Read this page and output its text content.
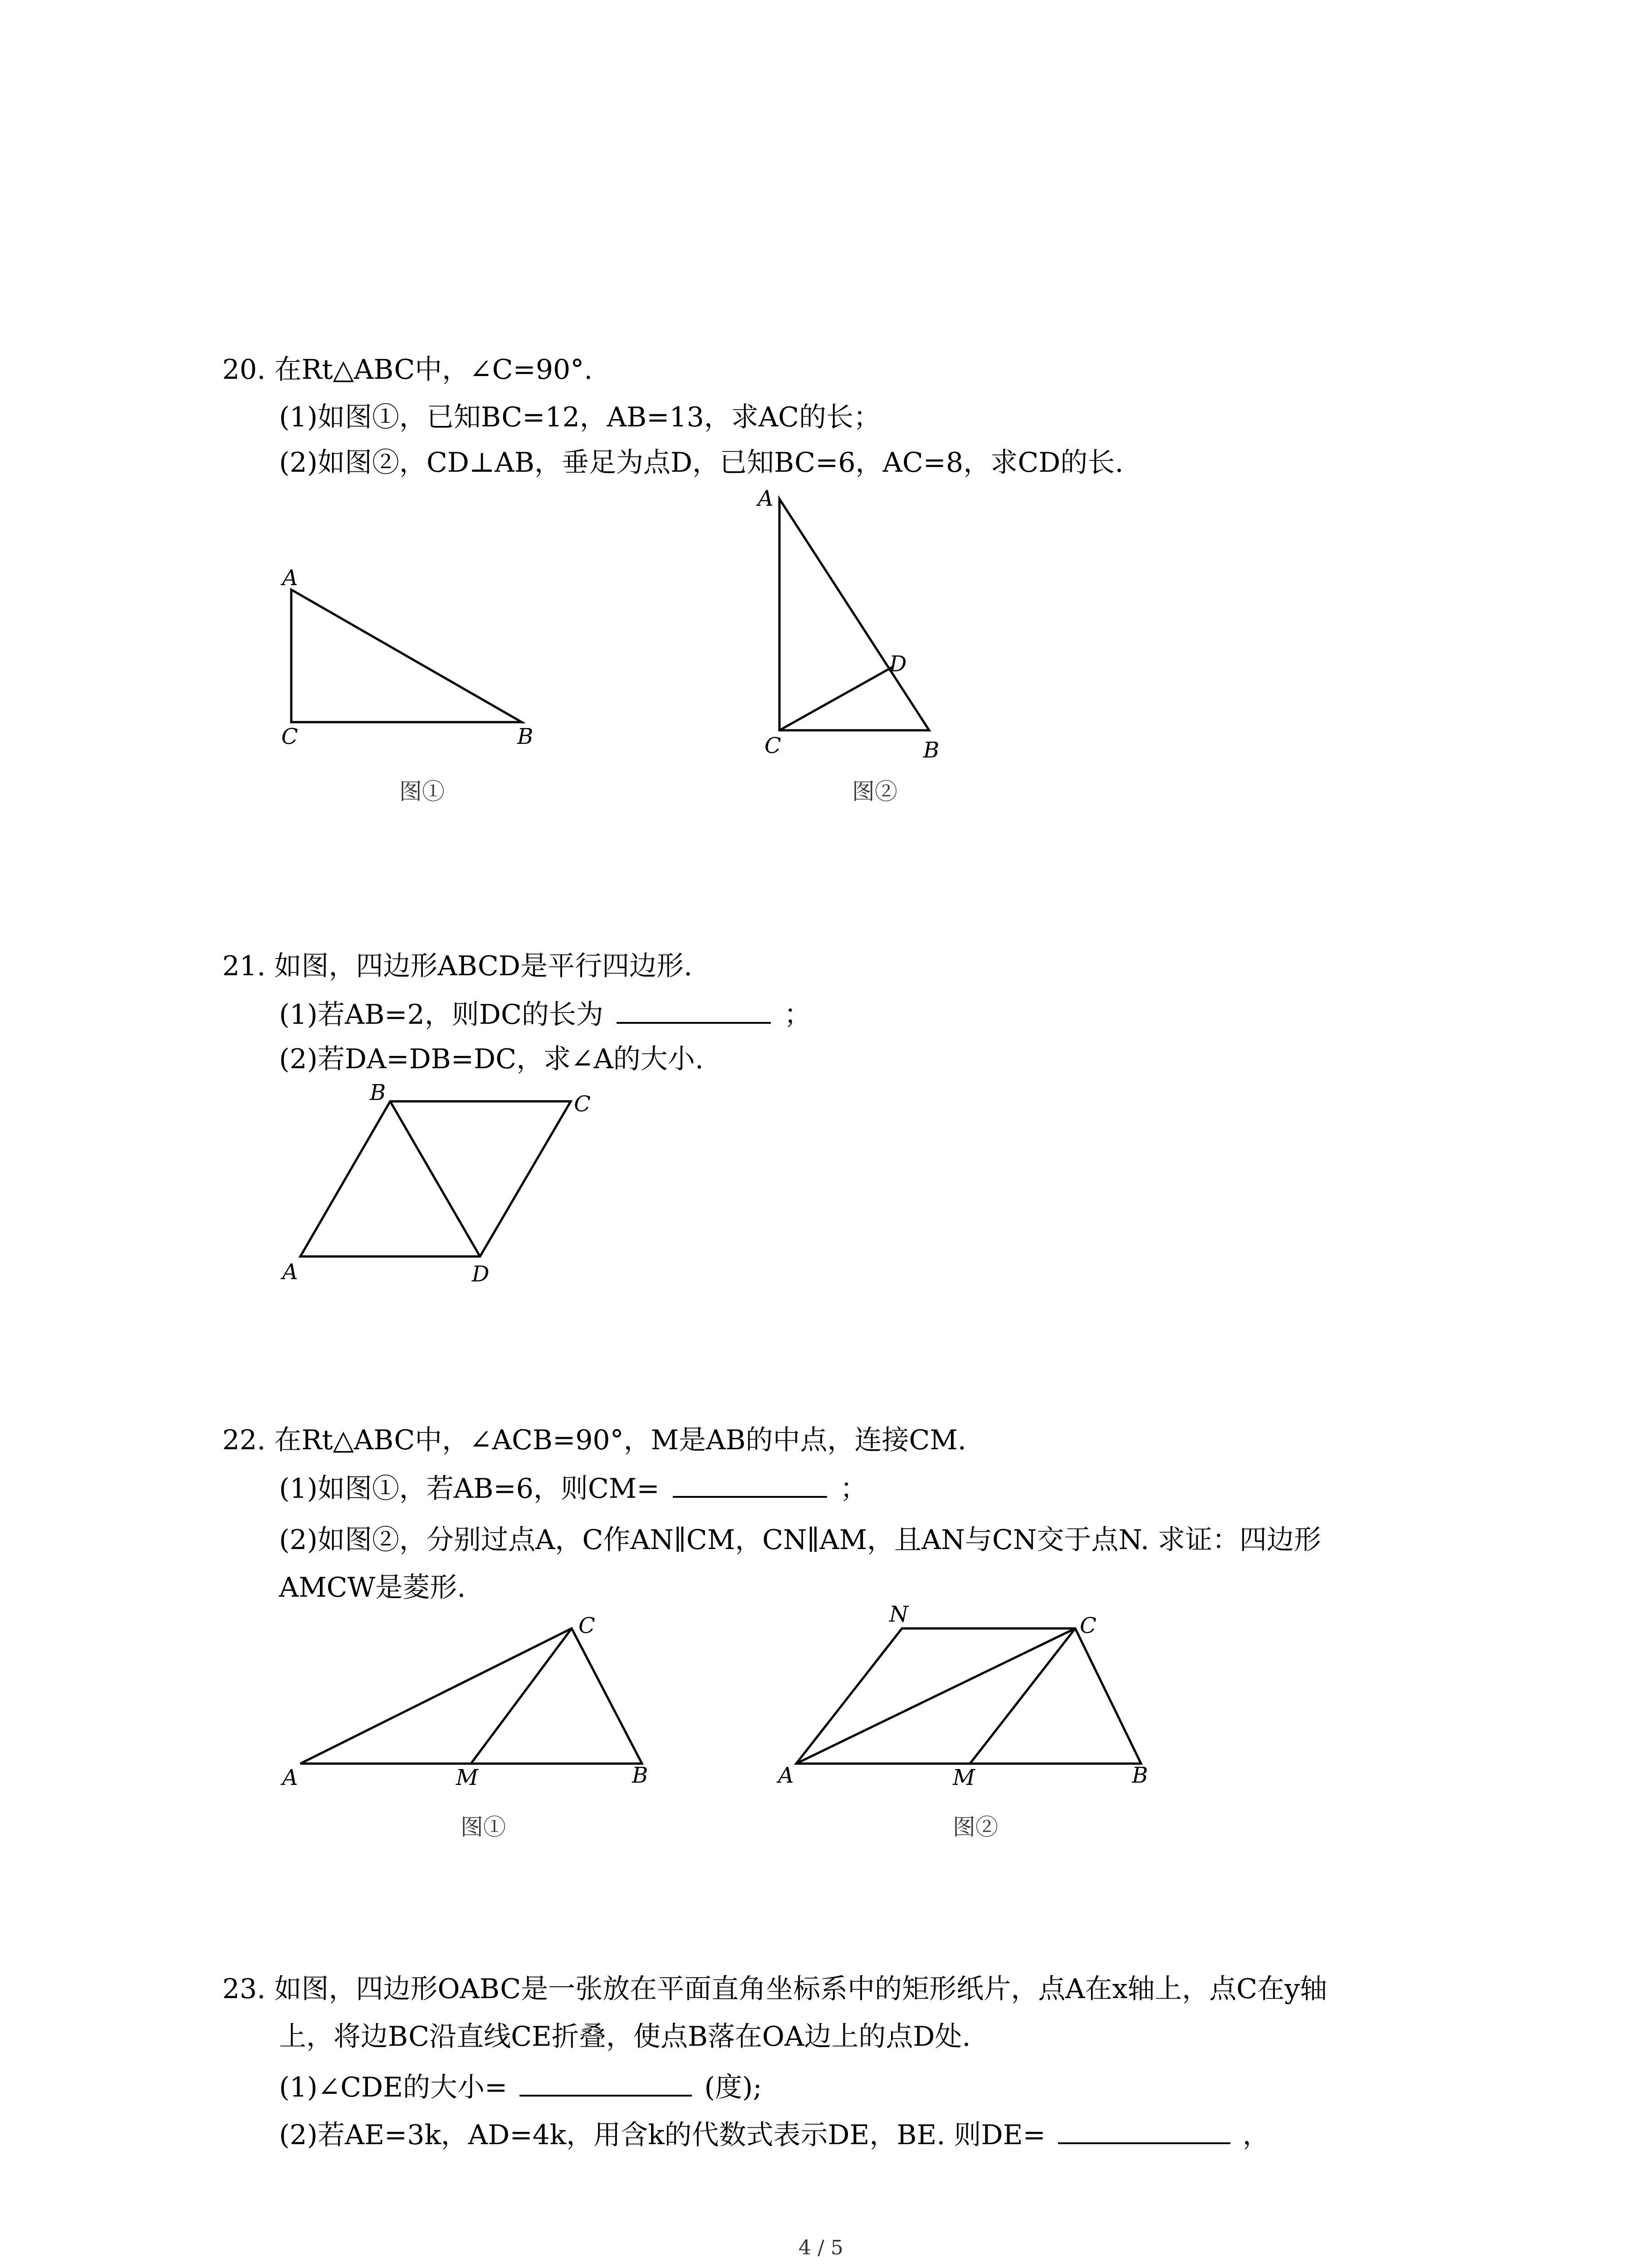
20. 在Rt△ABC中，∠C=90°.
(1)如图①，已知BC=12，AB=13，求AC的长；
(2)如图②，CD⊥AB，垂足为点D，已知BC=6，AC=8，求CD的长.
A
C	B
图①
A
D
C	B
图②
21. 如图，四边形ABCD是平行四边形.
(1)若AB=2，则DC的长为	；
(2)若DA=DB=DC，求∠A的大小.
B	C
A	D
22. 在Rt△ABC中，∠ACB=90°，M是AB的中点，连接CM.
(1)如图①，若AB=6，则CM=	；
(2)如图②，分别过点A，C作AN∥CM，CN∥AM，且AN与CN交于点N. 求证：四边形
AMCW是菱形.
C
A	M	B
图①
N	C
A	M	B
图②
23. 如图，四边形OABC是一张放在平面直角坐标系中的矩形纸片，点A在x轴上，点C在y轴
上，将边BC沿直线CE折叠，使点B落在OA边上的点D处.
(1)∠CDE的大小=	(度);
(2)若AE=3k，AD=4k，用含k的代数式表示DE，BE. 则DE=	，
4 / 5
